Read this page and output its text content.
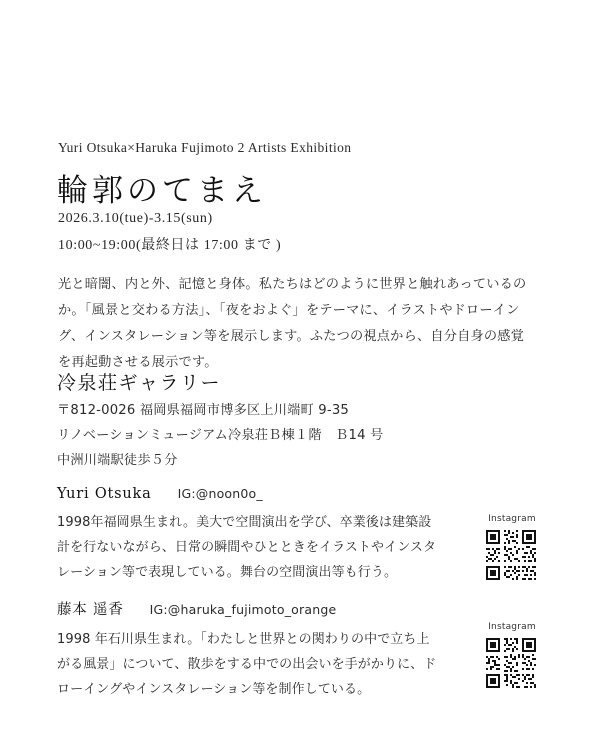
Yuri Otsuka×Haruka Fujimoto 2 Artists Exhibition
輪郭のてまえ
2026.3.10(tue)-3.15(sun)
10:00~19:00(最終日は 17:00 まで )
光と暗闇、内と外、記憶と身体。私たちはどのように世界と触れあっているのか。「風景と交わる方法」、「夜をおよぐ」をテーマに、イラストやドローイング、インスタレーション等を展示します。ふたつの視点から、自分自身の感覚を再起動させる展示です。
冷泉荘ギャラリー
〒812-0026 福岡県福岡市博多区上川端町 9-35
リノベーションミュージアム冷泉荘Ｂ棟１階　Ｂ14 号
中洲川端駅徒歩５分
Yuri Otsuka IG:@noon0o_
1998年福岡県生まれ。美大で空間演出を学び、卒業後は建築設計を行ないながら、日常の瞬間やひとときをイラストやインスタレーション等で表現している。舞台の空間演出等も行う。
藤本 遥香 IG:@haruka_fujimoto_orange
1998 年石川県生まれ。「わたしと世界との関わりの中で立ち上がる風景」について、散歩をする中での出会いを手がかりに、ドローイングやインスタレーション等を制作している。
Instagram
Instagram
